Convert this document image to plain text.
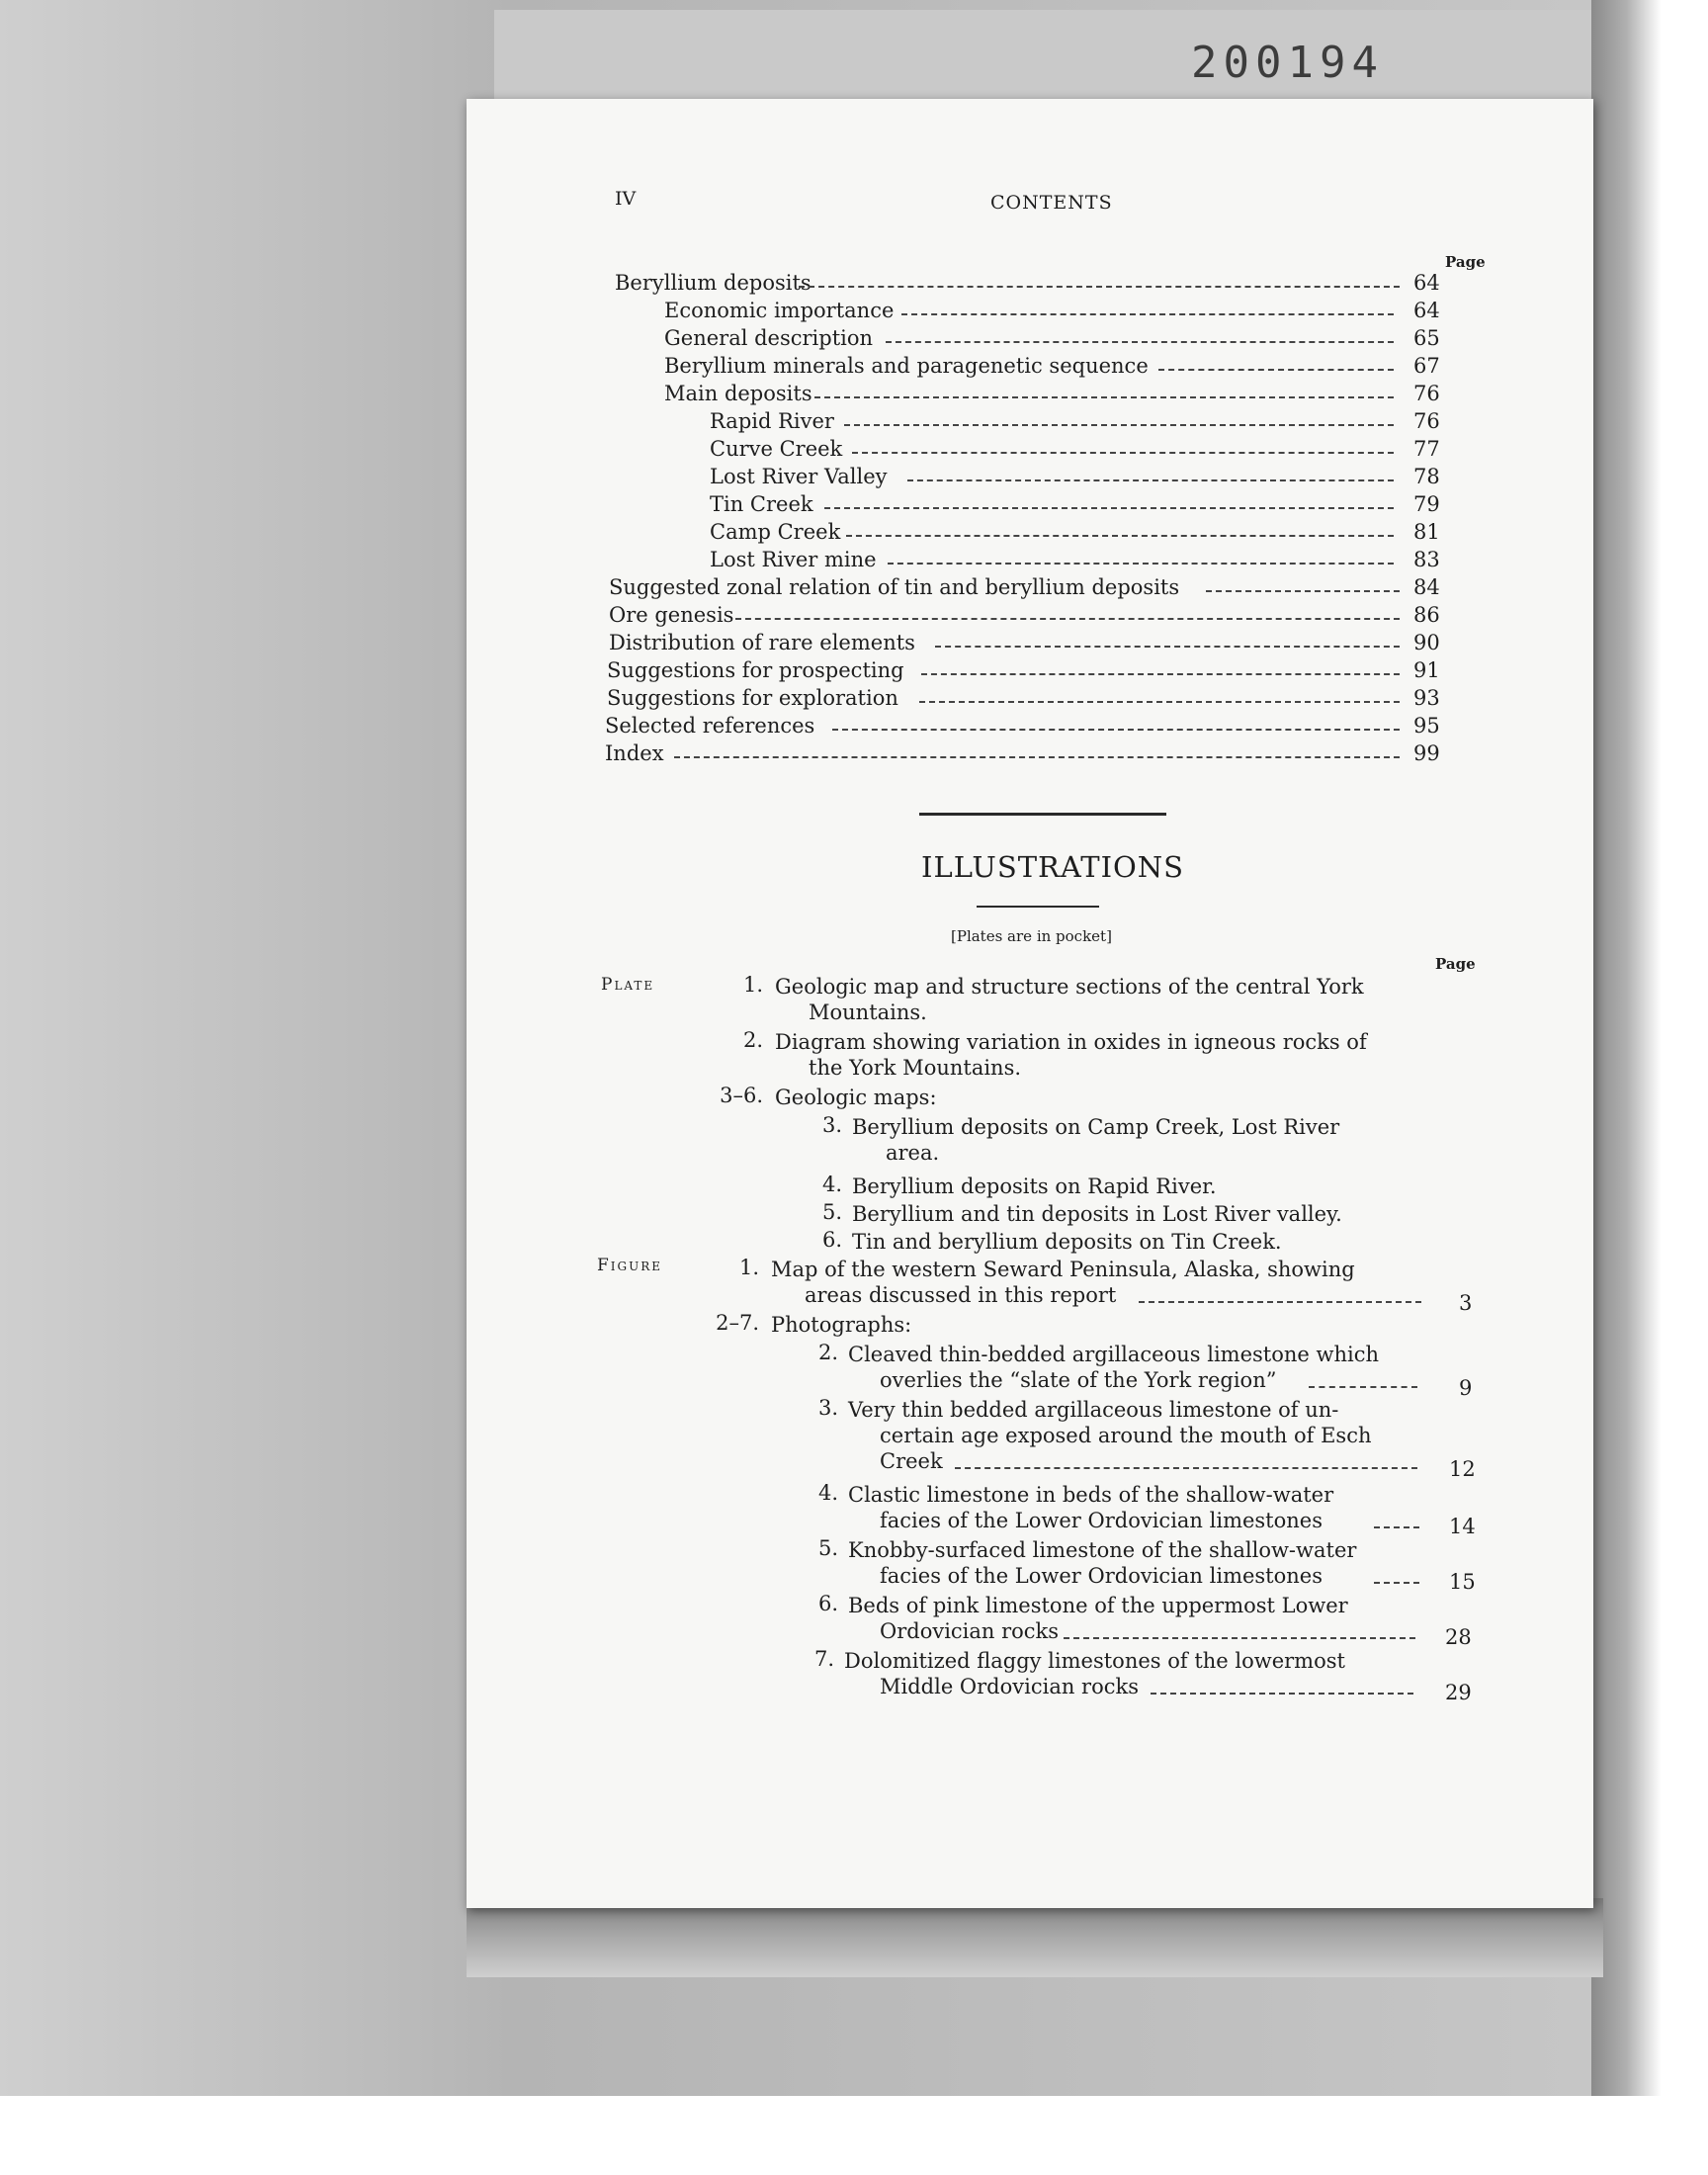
200194
IV	CONTENTS
Page
Beryllium deposits	64
Economic importance	64
General description	65
Beryllium minerals and paragenetic sequence	67
Main deposits	76
Rapid River	76
Curve Creek	77
Lost River Valley	78
Tin Creek	79
Camp Creek	81
Lost River mine	83
Suggested zonal relation of tin and beryllium deposits	84
Ore genesis	86
Distribution of rare elements	90
Suggestions for prospecting	91
Suggestions for exploration	93
Selected references	95
Index	99
ILLUSTRATIONS
[Plates are in pocket]
Page
Plate	1. Geologic map and structure sections of the central York
Mountains.
2. Diagram showing variation in oxides in igneous rocks of
the York Mountains.
3–6. Geologic maps:
3. Beryllium deposits on Camp Creek, Lost River
area.
4. Beryllium deposits on Rapid River.
5. Beryllium and tin deposits in Lost River valley.
6. Tin and beryllium deposits on Tin Creek.
Figure	1. Map of the western Seward Peninsula, Alaska, showing
areas discussed in this report	3
2–7. Photographs:
2. Cleaved thin-bedded argillaceous limestone which
overlies the “slate of the York region”	9
3. Very thin bedded argillaceous limestone of un-
certain age exposed around the mouth of Esch
Creek	12
4. Clastic limestone in beds of the shallow-water
facies of the Lower Ordovician limestones	14
5. Knobby-surfaced limestone of the shallow-water
facies of the Lower Ordovician limestones	15
6. Beds of pink limestone of the uppermost Lower
Ordovician rocks	28
7. Dolomitized flaggy limestones of the lowermost
Middle Ordovician rocks	29
